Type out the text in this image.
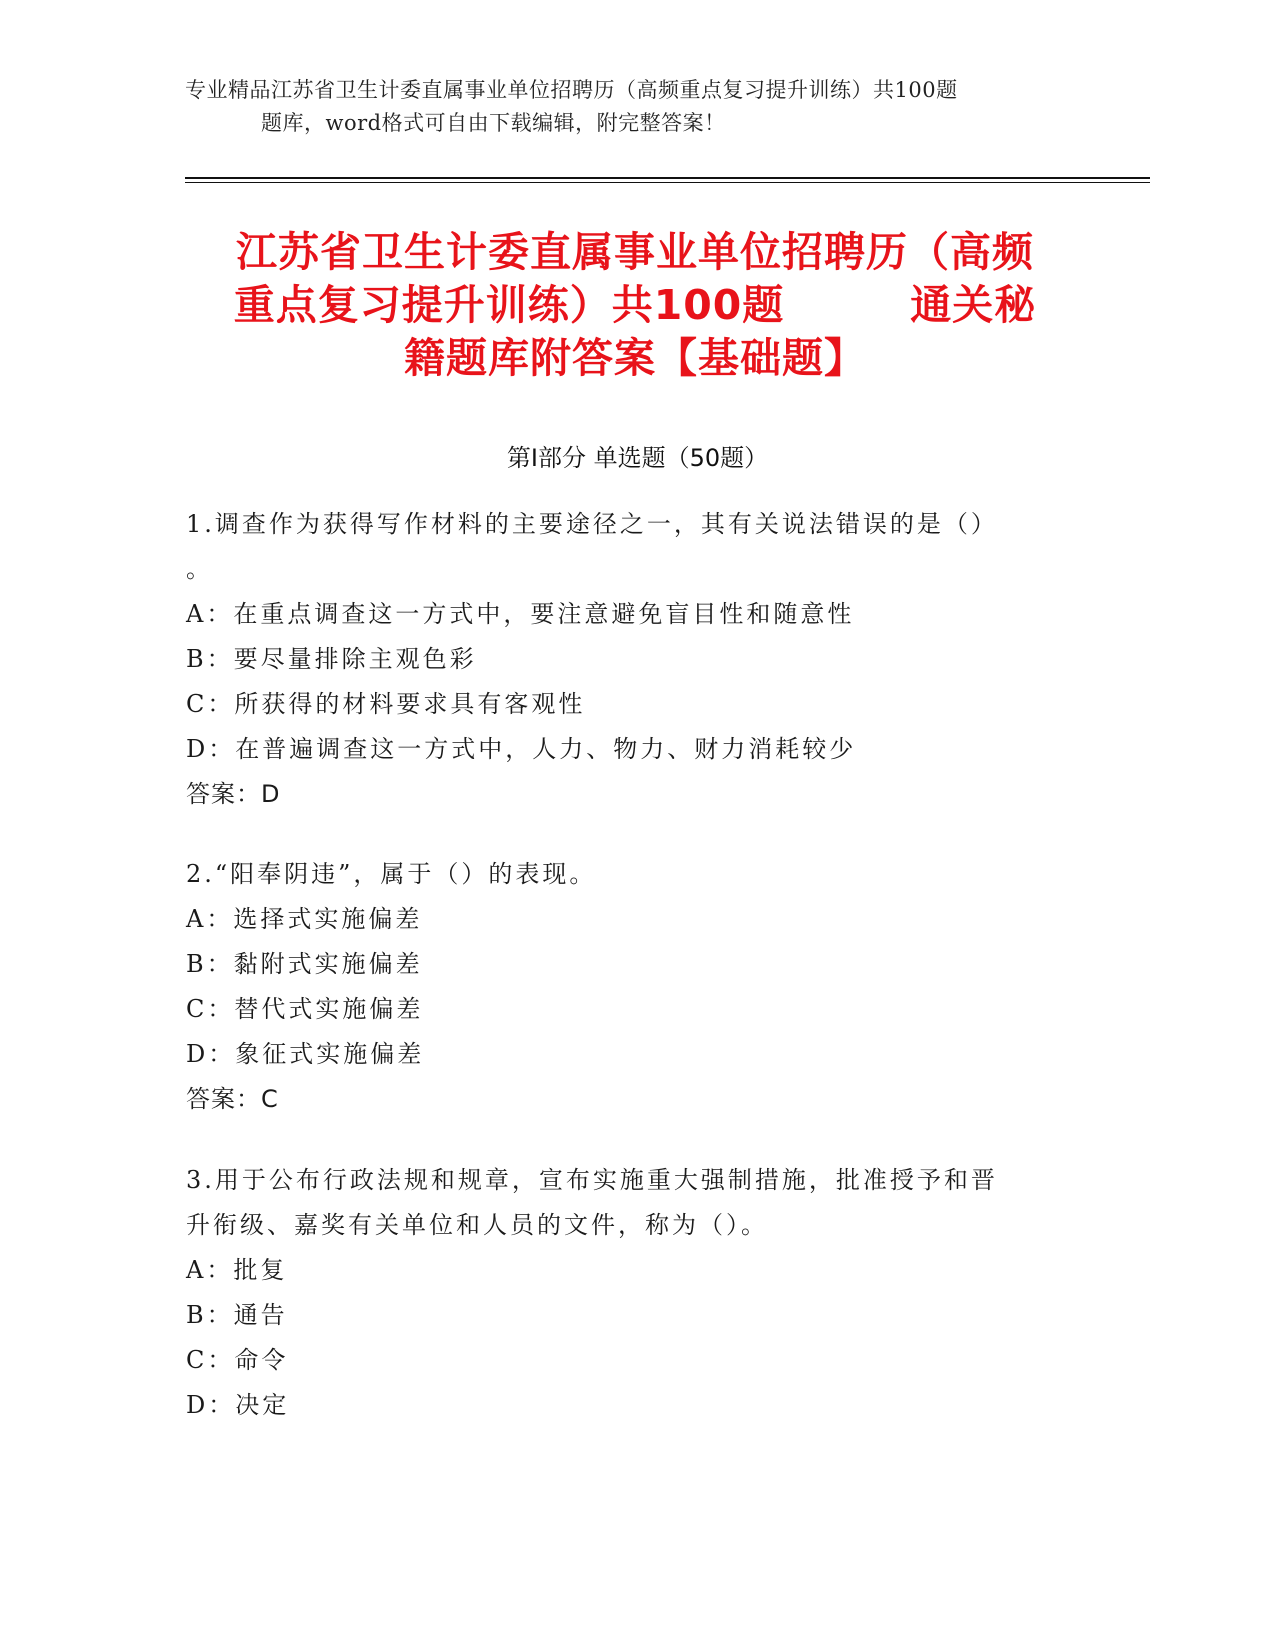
专业精品江苏省卫生计委直属事业单位招聘历（高频重点复习提升训练）共100题
题库，word格式可自由下载编辑，附完整答案！
江苏省卫生计委直属事业单位招聘历（高频
重点复习提升训练）共100题　　　通关秘
籍题库附答案【基础题】
第Ⅰ部分 单选题（50题）
1.调查作为获得写作材料的主要途径之一，其有关说法错误的是（）
。
A：在重点调查这一方式中，要注意避免盲目性和随意性
B：要尽量排除主观色彩
C：所获得的材料要求具有客观性
D：在普遍调查这一方式中，人力、物力、财力消耗较少
答案：D
2.“阳奉阴违”，属于（）的表现。
A：选择式实施偏差
B：黏附式实施偏差
C：替代式实施偏差
D：象征式实施偏差
答案：C
3.用于公布行政法规和规章，宣布实施重大强制措施，批准授予和晋
升衔级、嘉奖有关单位和人员的文件，称为（）。
A：批复
B：通告
C：命令
D：决定
